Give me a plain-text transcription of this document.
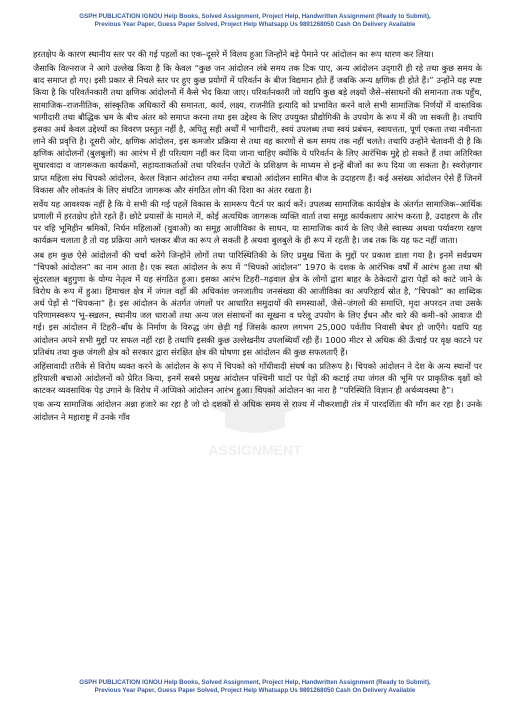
GSPH PUBLICATION IGNOU Help Books, Solved Assignment, Project Help, Handwritten Assignment (Ready to Submit),
Previous Year Paper, Guess Paper Solved, Project Help Whatsapp Us 9891268050 Cash On Delivery Available
ASSIGNMENT

हरतक्षेप के कारण स्थानीय स्तर पर की गई पहलों का एक–दूसरे में विलय हुआ जिन्होंने बड़े पैमाने पर आंदोलन का रूप धारण कर लिया।

जैसाकि विल्नराज ने आगे उल्लेख किया है कि केवल “कुछ जन आंदोलन लंबे समय तक टिक पाए, अन्य आंदोलन उद्‌गारी ही रहे तथा कुछ समय के बाद समाप्त हो गए। इसी प्रकार से निचले स्तर पर हुए कुछ प्रयोगों में परिवर्तन के बीज विद्यमान होते हैं जबकि अन्य क्षणिक ही होते हैं।” उन्होंने यह स्पष्ट किया है कि परिवर्तनकारी तथा क्षणिक आंदोलनों में कैसे भेद किया जाए। परिवर्तनकारी जो यद्यपि कुछ बड़े लक्ष्यों जैसे–संसाधनों की समानता तक पहुँच, सामाजिक–राजनीतिक, सांस्कृतिक अधिकारों की समानता, कार्य, लक्ष्य, राजनीति इत्यादि को प्रभावित करने वाले सभी सामाजिक निर्णयों में वास्तविक भागीदारी तथा बौद्धिक भ्रम के बीच अंतर को समाप्त करना तथा इस उद्देश्य के लिए उपयुक्त प्रौद्योगिकी के उपयोग के रूप में की जा सकती है। तथापि इसका अर्थ केवल उद्देश्यों का विवरण प्रस्तुत नहीं है, अपितु सही अर्थों में भागीदारी, स्वयं उपलब्ध तथा स्वयं प्रबंधन, स्वायत्तता, पूर्ण एकता तथा नवीनता लाने की प्रवृत्ति है। दूसरी ओर, क्षणिक आंदोलन, इस कमजोर प्रक्रिया से तथा वह कारणों से कम समय तक नहीं चलते। तथापि उन्होंने चेतावनी दी है कि क्षणिक आंदोलनों (बुलबुलों) का आरंभ में ही परित्याग नहीं कर दिया जाना चाहिए क्योंकि ये परिवर्तन के लिए आरंभिक मुद्दे हो सकते हैं तथा अतिरिक्त सुधारवादा व जागरूकता कार्यक्रमों, सहायताकर्ताओं तथा परिवर्तन एजेंटों के प्रशिक्षण के माध्यम से इन्हें बीजों का रूप दिया जा सकता है। स्वरोज़गार प्राप्त महिला संघ चिपको आंदोलन, केरल विज्ञान आंदोलन तथा नर्मदा बचाओ आंदोलन सामित बीज के उदाहरण हैं। कई असंख्य आंदोलन ऐसे हैं जिनमें विकास और लोकतंत्र के लिए संघटित जागरूक और संगठित लोग की दिशा का अंतर रखता है।

सर्वेय यह आवश्यक नहीं है कि ये सभी की गई पहलें विकास के सामरूप पैटर्न पर कार्य करें। उपलब्ध सामाजिक कार्यक्षेत्र के अंतर्गत सामाजिक–आर्थिक प्रणाली में हरतक्षेप होते रहते हैं। छोटे प्रयासों के मामले में, कोई अत्यधिक जागरूक व्यक्ति वार्ता तथा समूह कार्यकलाप आरंभ करता है, उदाहरण के तौर पर वहि भूमिहीन श्रमिकों, निर्धन महिलाओं (युवाओं) का समूह आजीविका के साधन, या सामाजिक कार्य के लिए जैसे स्वास्थ्य अथवा पर्यावरण रक्षण कार्यक्रम चलाता है तो यह प्रक्रिया आगे चलकर बीज का रूप ले सकती है अथवा बुलबुले के ही रूप में रहती है। जब तक कि यह फट नहीं जाता।

अब हम कुछ ऐसे आंदोलनों की चर्चा करेंगे जिन्होंने लोगों तथा पारिस्थितिकी के लिए प्रमुख चिंता के मुद्दों पर प्रकाश डाला गया है। इनमें सर्वप्रथम “चिपको आंदोलन” का नाम आता है। एक स्वतः आंदोलन के रूप में “चिपको आंदोलन” 1970 के दशक के आरंभिक वर्षों में आरंभ हुआ तथा श्री सुंदरलाल बहुगुणा के योग्य नेतृत्व में यह संगठित हुआ। इसका आरंभ टिहरी–गढ़वाल क्षेत्र के लोगों द्वारा बाहर के ठेकेदारों द्वारा पेड़ों को काटे जाने के विरोध के रूप में हुआ। हिमाचल क्षेत्र में जंगल वहाँ की अधिकांश जनजातीय जनसंख्या की आजीविका का अपरिहार्य स्रोत है, “चिपको” का शाब्दिक अर्थ पेड़ों से “चिपकना” है। इस आंदोलन के अंतर्गत जंगलों पर आधारित समुदायों की समस्याओं, जैसे–जंगलों की समाप्ति, मृदा अपरदन तथा उसके परिणामस्वरूप भू–स्खलन, स्थानीय जल धाराओं तथा अन्य जल संसाधनों का सूखना व घरेलू उपयोग के लिए ईंधन और चारे की कमी–को आवाज दी गई। इस आंदोलन में टिहरी–बाँध के निर्माण के विरुद्ध जंग छेड़ी गई जिसके कारण लगभग 25,000 पर्वतीय निवासी बेघर हो जाएँगे। यद्यपि यह आंदोलन अपने सभी मुद्दों पर सफल नहीं रहा है तथापि इसकी कुछ उल्लेखनीय उपलब्धियाँ रही हैं। 1000 मीटर से अधिक की ऊँचाई पर वृक्ष काटने पर प्रतिबंध तथा कुछ जंगली क्षेत्र को सरकार द्वारा संरक्षित क्षेत्र की घोषणा इस आंदोलन की कुछ सफलताएँ हैं।

अहिंसावादी तरीके से विरोध व्यक्त करने के आंदोलन के रूप में चिपको को गाँधीवादी संघर्ष का प्रतिरूप है। चिपको आंदोलन ने देश के अन्य स्थानों पर हरियाली बचाओ आंदोलनों को प्रेरित किया, इनमें सबसे प्रमुख आंदोलन पश्चिमी घाटों पर पेड़ों की कटाई तथा जंगल की भूमि पर प्राकृतिक वृक्षों को काटकर व्यवसायिक पेड़ उगाने के विरोध में अप्पिको आंदोलन आरंभ हुआ। चिपको आंदोलन का नारा है “परिस्थिति विज्ञान ही अर्थव्यवस्था है”।

एक अन्य सामाजिक आंदोलन अन्ना हजारे का रहा है जो दो दशकों से अधिक समय से राज्य में नौकरशाही तंत्र में पारदर्शिता की माँग कर रहा है। उनके आंदोलन ने महाराष्ट्र में उनके गाँव

GSPH PUBLICATION IGNOU Help Books, Solved Assignment, Project Help, Handwritten Assignment (Ready to Submit),
Previous Year Paper, Guess Paper Solved, Project Help Whatsapp Us 9891268050 Cash On Delivery Available
